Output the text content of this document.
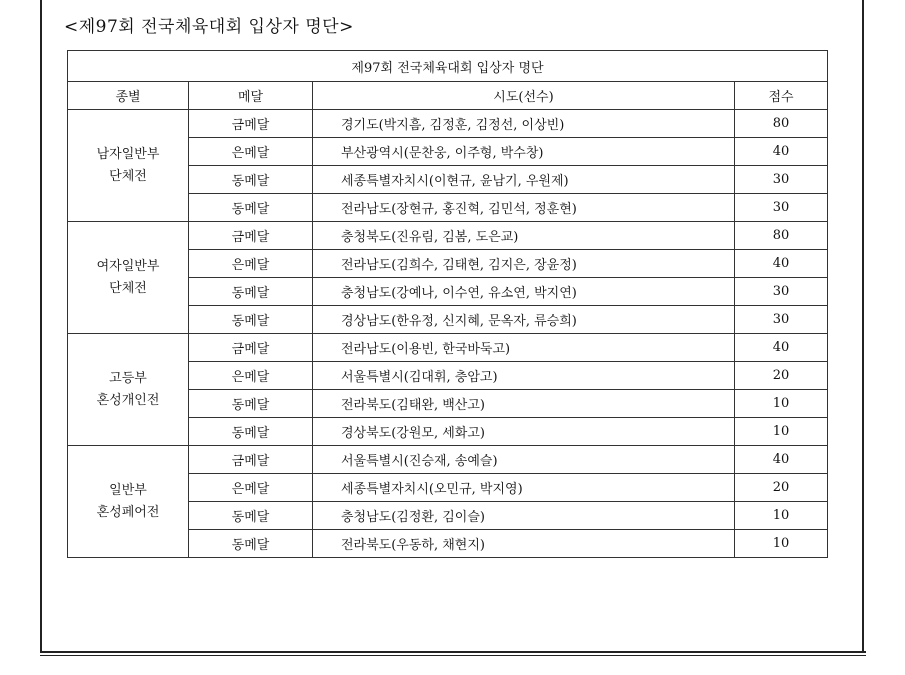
<제97회 전국체육대회 입상자 명단>
제97회 전국체육대회 입상자 명단			
종별	메달	시도(선수)	점수

남자일반부
단체전	금메달	경기도(박지흠, 김정훈, 김정선, 이상빈)	80
	은메달	부산광역시(문찬웅, 이주형, 박수창)	40
	동메달	세종특별자치시(이현규, 윤남기, 우원제)	30
	동메달	전라남도(장현규, 홍진혁, 김민석, 정훈현)	30

여자일반부
단체전	금메달	충청북도(진유림, 김봄, 도은교)	80
	은메달	전라남도(김희수, 김태현, 김지은, 장윤정)	40
	동메달	충청남도(강예나, 이수연, 유소연, 박지연)	30
	동메달	경상남도(한유정, 신지혜, 문옥자, 류승희)	30

고등부
혼성개인전	금메달	전라남도(이용빈, 한국바둑고)	40
	은메달	서울특별시(김대휘, 충암고)	20
	동메달	전라북도(김태완, 백산고)	10
	동메달	경상북도(강원모, 세화고)	10

일반부
혼성페어전	금메달	서울특별시(진승재, 송예슬)	40
	은메달	세종특별자치시(오민규, 박지영)	20
	동메달	충청남도(김정환, 김이슬)	10
	동메달	전라북도(우동하, 채현지)	10
